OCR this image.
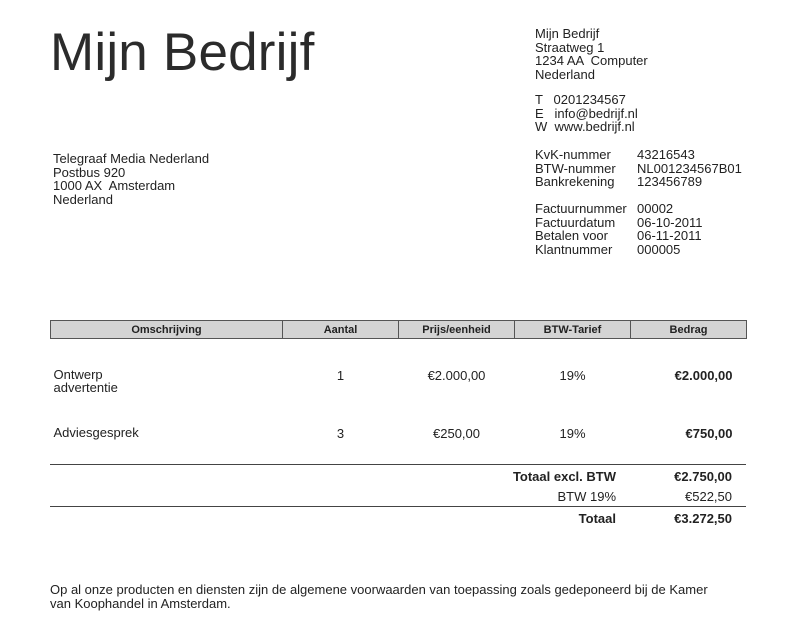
Mijn Bedrijf	Mijn Bedrijf
Straatweg 1
1234 AA  Computer
Nederland
T   0201234567
E   info@bedrijf.nl
W  www.bedrijf.nl
Telegraaf Media Nederland
Postbus 920
1000 AX  Amsterdam
Nederland
KvK-nummer	43216543
BTW-nummer	NL001234567B01
Bankrekening	123456789
Factuurnummer 00002
Factuurdatum	06-10-2011
Betalen voor	06-11-2011
Klantnummer	000005
Omschrijving	Aantal	Prijs/eenheid	BTW-Tarief	Bedrag

Ontwerp
advertentie	1	€2.000,00	19%	€2.000,00

Adviesgesprek	3	€250,00	19%	€750,00
Totaal excl. BTW	€2.750,00
BTW 19%	€522,50
Totaal	€3.272,50
Op al onze producten en diensten zijn de algemene voorwaarden van toepassing zoals gedeponeerd bij de Kamer
van Koophandel in Amsterdam.
